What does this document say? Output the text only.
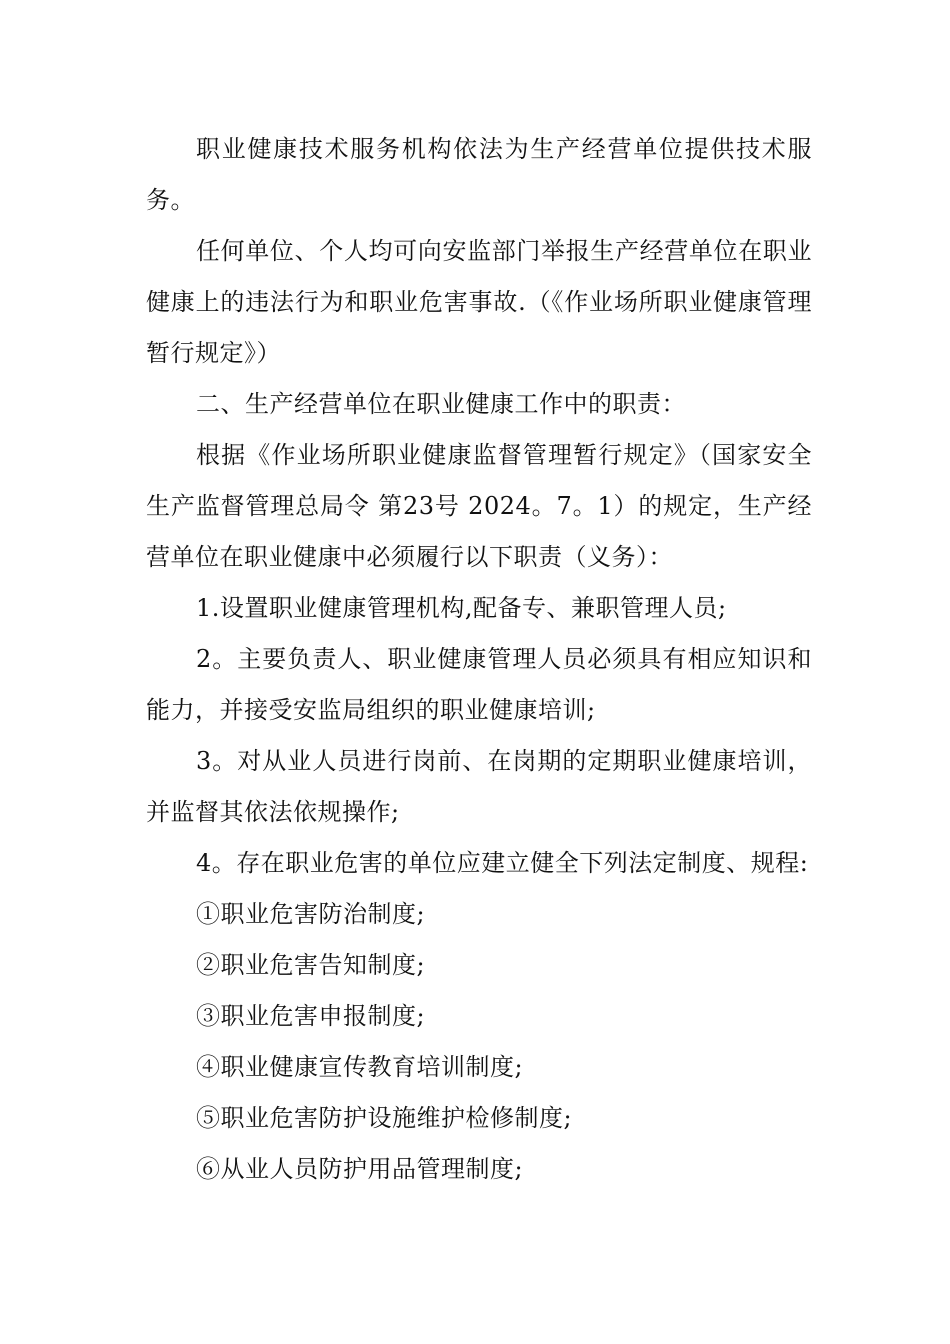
职业健康技术服务机构依法为生产经营单位提供技术服务。

任何单位、个人均可向安监部门举报生产经营单位在职业健康上的违法行为和职业危害事故.（《作业场所职业健康管理暂行规定》）

二、生产经营单位在职业健康工作中的职责：

根据《作业场所职业健康监督管理暂行规定》（国家安全生产监督管理总局令 第23号 2024。7。1）的规定，生产经营单位在职业健康中必须履行以下职责（义务）：

1.设置职业健康管理机构,配备专、兼职管理人员;

2。主要负责人、职业健康管理人员必须具有相应知识和能力，并接受安监局组织的职业健康培训;

3。对从业人员进行岗前、在岗期的定期职业健康培训，并监督其依法依规操作;

4。存在职业危害的单位应建立健全下列法定制度、规程:

①职业危害防治制度;

②职业危害告知制度;

③职业危害申报制度;

④职业健康宣传教育培训制度;

⑤职业危害防护设施维护检修制度;

⑥从业人员防护用品管理制度;
